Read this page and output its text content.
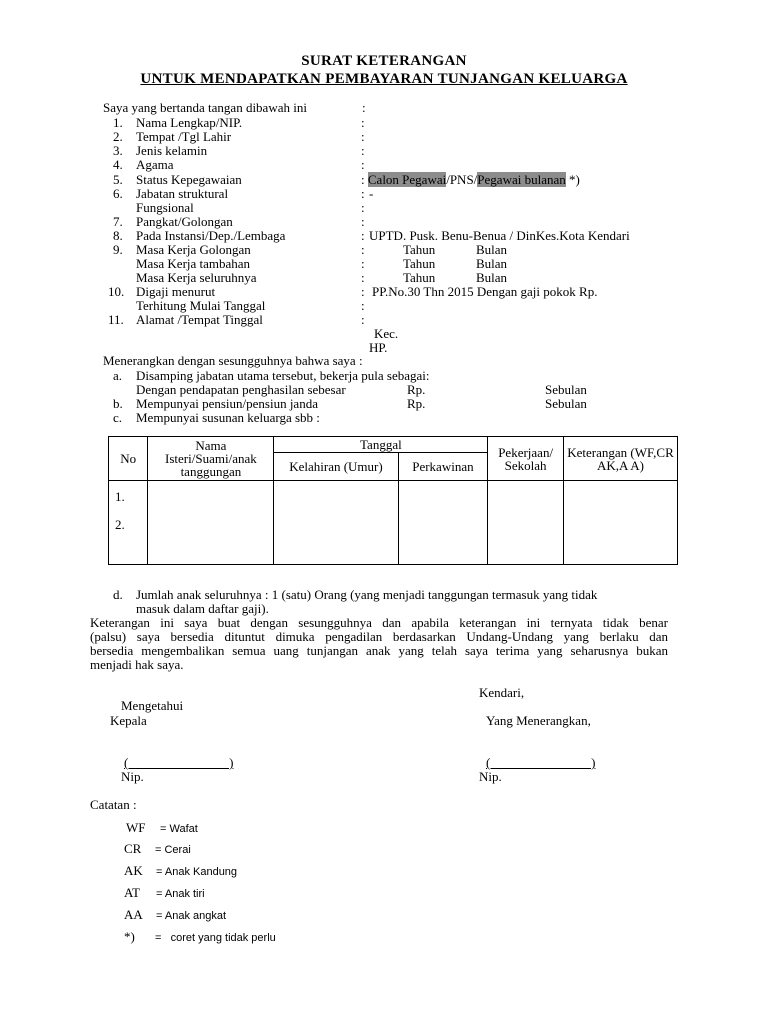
SURAT KETERANGAN
UNTUK MENDAPATKAN PEMBAYARAN TUNJANGAN KELUARGA
Saya yang bertanda tangan dibawah ini	:
1. Nama Lengkap/NIP.	:
2. Tempat /Tgl Lahir	:
3. Jenis kelamin	:
4. Agama	:
5. Status Kepegawaian	: Calon Pegawai/PNS/Pegawai bulanan *)
6. Jabatan struktural	: -
Fungsional	:
7. Pangkat/Golongan	:
8. Pada Instansi/Dep./Lembaga	: UPTD. Pusk. Benu-Benua / DinKes.Kota Kendari
9. Masa Kerja Golongan	:	Tahun	Bulan
Masa Kerja tambahan	:	Tahun	Bulan
Masa Kerja seluruhnya	:	Tahun	Bulan
10. Digaji menurut	: PP.No.30 Thn 2015 Dengan gaji pokok Rp.
Terhitung Mulai Tanggal	:
11. Alamat /Tempat Tinggal	:
Kec.
HP.
Menerangkan dengan sesungguhnya bahwa saya :
a. Disamping jabatan utama tersebut, bekerja pula sebagai:
Dengan pendapatan penghasilan sebesar	Rp.	Sebulan
b. Mempunyai pensiun/pensiun janda	Rp.	Sebulan
c. Mempunyai susunan keluarga sbb :
No	Nama Isteri/Suami/anak tanggungan	Tanggal		Pekerjaan/ Sekolah	Keterangan (WF,CR AK,A A)
		Kelahiran (Umur)	Perkawinan		

1.
2.					

d. Jumlah anak seluruhnya : 1 (satu) Orang (yang menjadi tanggungan termasuk yang tidak
masuk dalam daftar gaji).
Keterangan ini saya buat dengan sesungguhnya dan apabila keterangan ini ternyata tidak benar
(palsu) saya bersedia dituntut dimuka pengadilan berdasarkan Undang-Undang yang berlaku dan
bersedia mengembalikan semua uang tunjangan anak yang telah saya terima yang seharusnya bukan
menjadi hak saya.
Kendari,
Mengetahui
Kepala	Yang Menerangkan,
(                               )	(                               )
Nip.	Nip.
Catatan :
WF = Wafat
CR = Cerai
AK = Anak Kandung
AT = Anak tiri
AA = Anak angkat
*) =   coret yang tidak perlu
